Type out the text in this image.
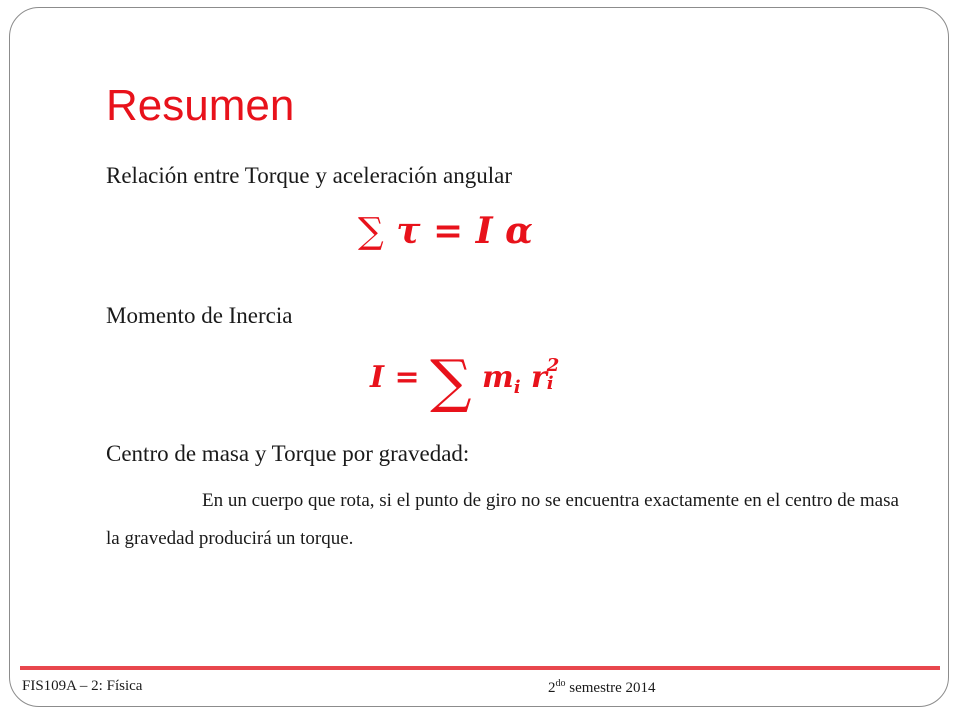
Resumen
Relación entre Torque y aceleración angular
∑ τ = I α
Momento de Inercia
I = ∑ $m_i$ r 2
i
Centro de masa y Torque por gravedad:
En un cuerpo que rota, si el punto de giro no se encuentra exactamente en el centro de masa la gravedad producirá un torque.
FIS109A – 2: Física	$2^{do}$ semestre 2014
